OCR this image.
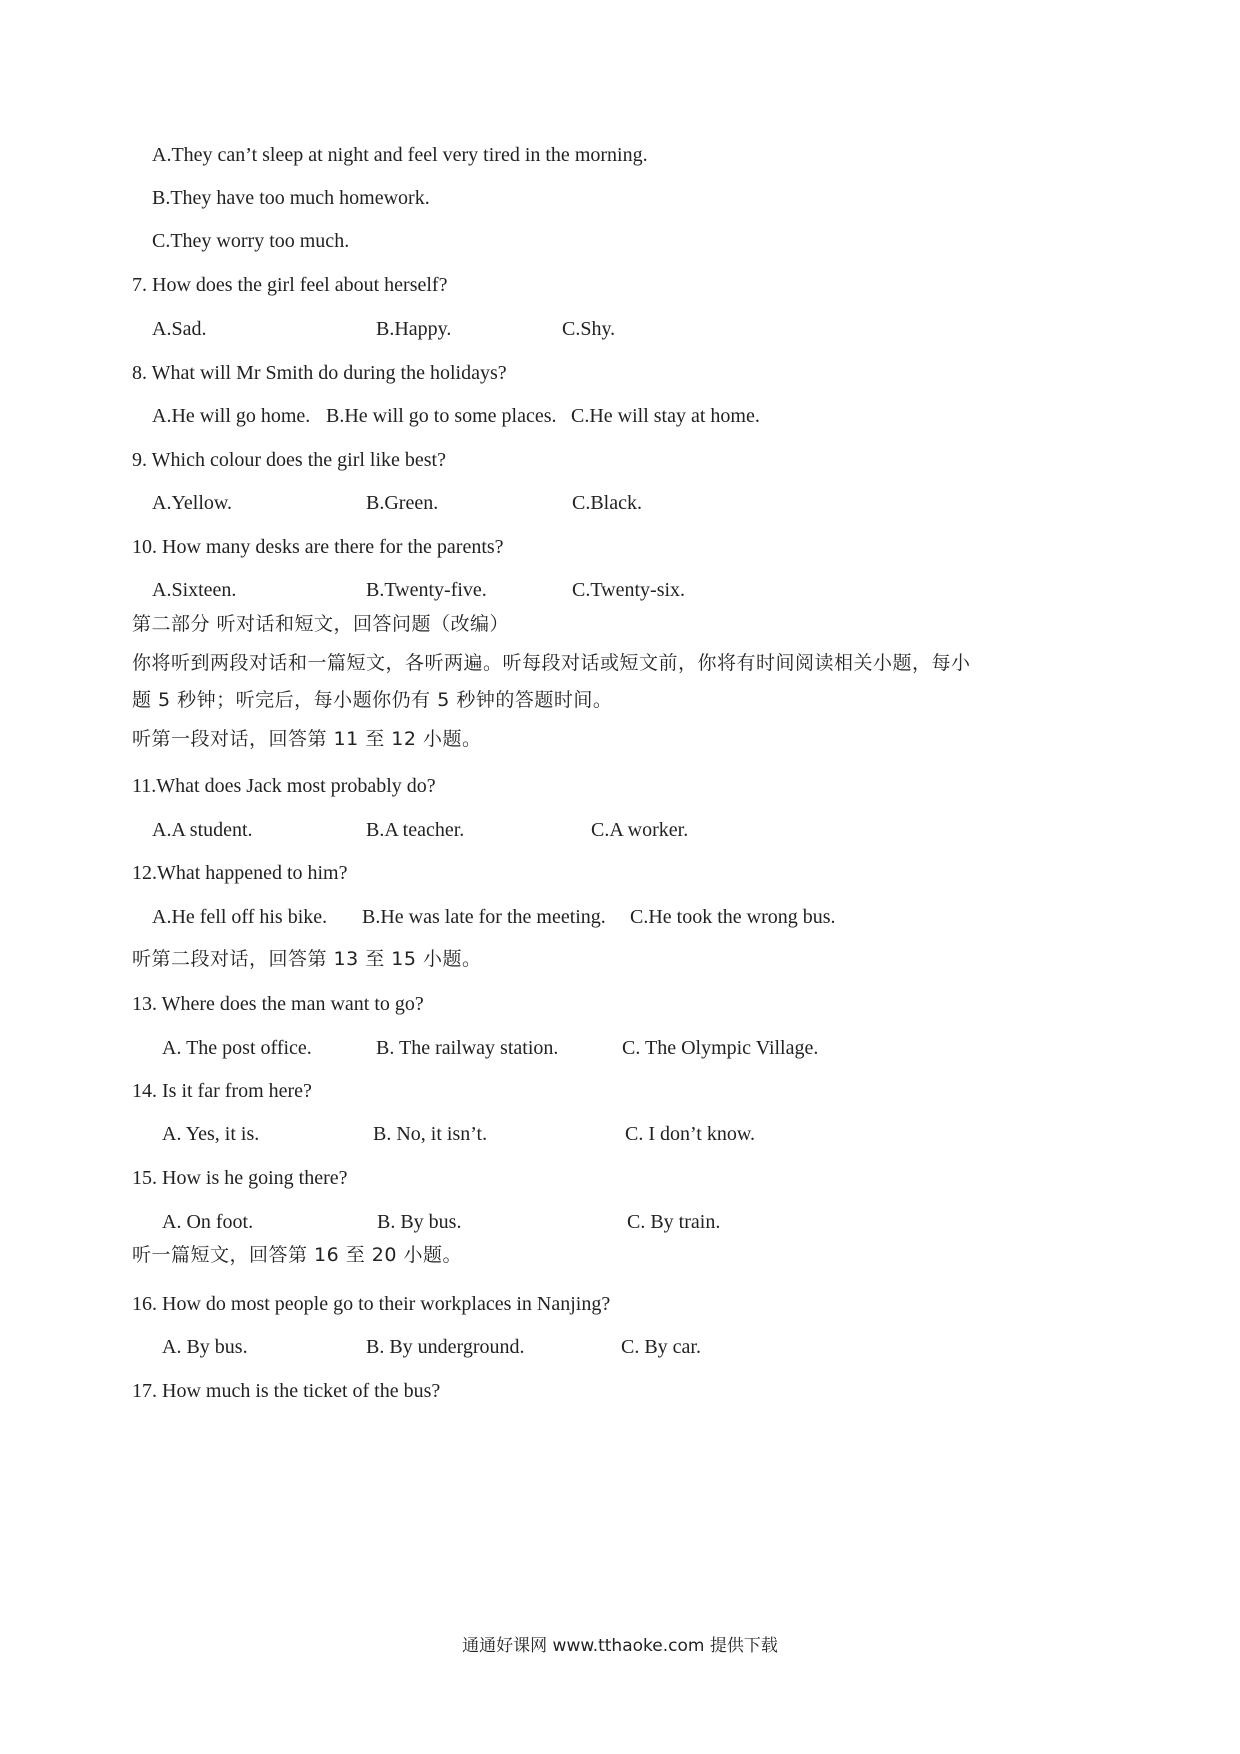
A.They can’t sleep at night and feel very tired in the morning.
B.They have too much homework.
C.They worry too much.
7. How does the girl feel about herself?
A.Sad.	B.Happy.	C.Shy.
8. What will Mr Smith do during the holidays?
A.He will go home. B.He will go to some places. C.He will stay at home.
9. Which colour does the girl like best?
A.Yellow.	B.Green.	C.Black.
10. How many desks are there for the parents?
A.Sixteen.	B.Twenty-five.	C.Twenty-six.
第二部分 听对话和短文，回答问题（改编）
你将听到两段对话和一篇短文，各听两遍。听每段对话或短文前，你将有时间阅读相关小题，每小
题 5 秒钟；听完后，每小题你仍有 5 秒钟的答题时间。
听第一段对话，回答第 11 至 12 小题。
11.What does Jack most probably do?
A.A student.	B.A teacher.	C.A worker.
12.What happened to him?
A.He fell off his bike. B.He was late for the meeting. C.He took the wrong bus.
听第二段对话，回答第 13 至 15 小题。
13. Where does the man want to go?
A. The post office.	B. The railway station.	C. The Olympic Village.
14. Is it far from here?
A. Yes, it is.	B. No, it isn’t.	C. I don’t know.
15. How is he going there?
A. On foot.	B. By bus.	C. By train.
听一篇短文，回答第 16 至 20 小题。
16. How do most people go to their workplaces in Nanjing?
A. By bus.	B. By underground.	C. By car.
17. How much is the ticket of the bus?
通通好课网 www.tthaoke.com 提供下载
